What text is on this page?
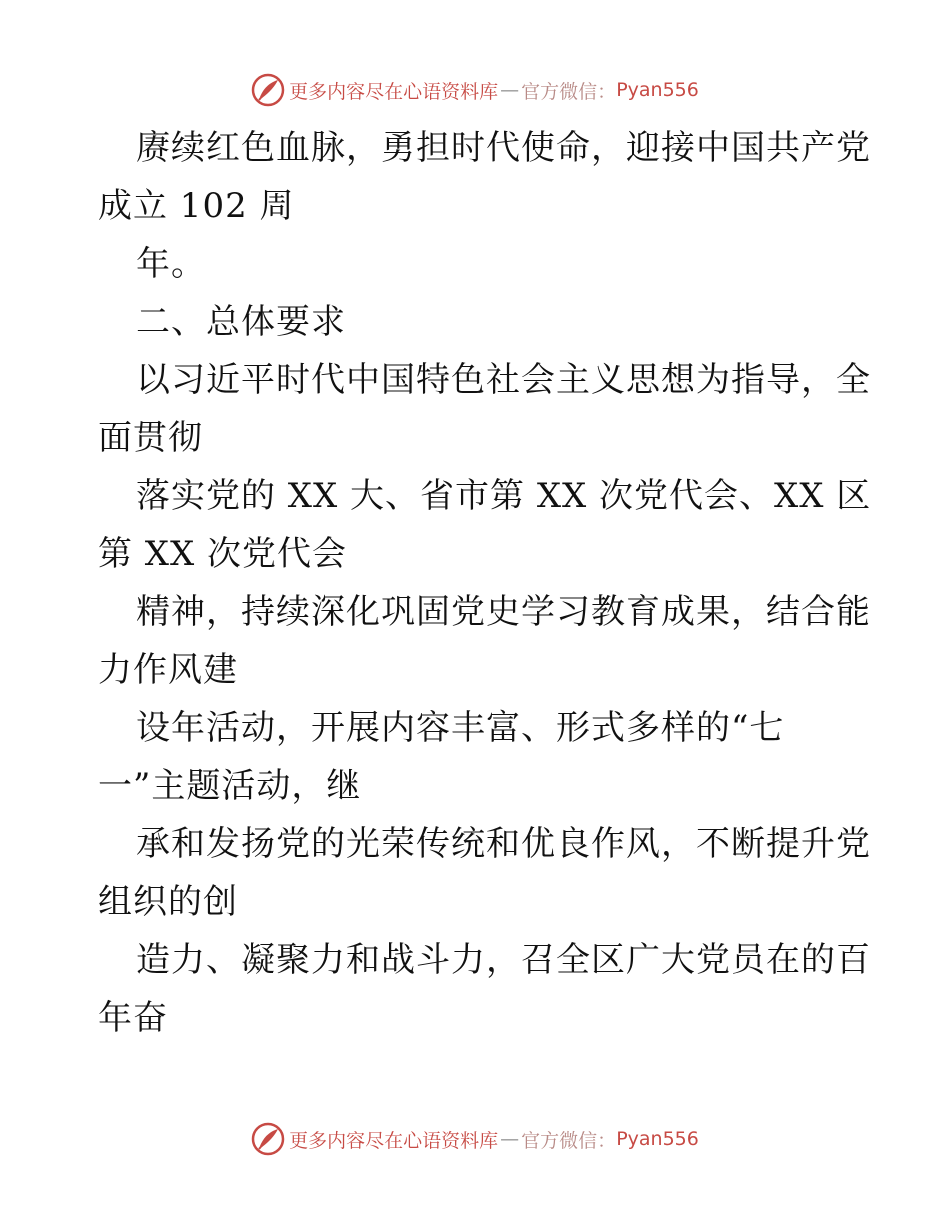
更多内容尽在心语资料库 — 官方微信： Pyan556
赓续红色血脉，勇担时代使命，迎接中国共产党
成立 102 周
年。
二、总体要求
以习近平时代中国特色社会主义思想为指导，全
面贯彻
落实党的 XX 大、省市第 XX 次党代会、XX 区
第 XX 次党代会
精神，持续深化巩固党史学习教育成果，结合能
力作风建
设年活动，开展内容丰富、形式多样的“七
一”主题活动，继
承和发扬党的光荣传统和优良作风，不断提升党
组织的创
造力、凝聚力和战斗力，召全区广大党员在的百
年奋
更多内容尽在心语资料库 — 官方微信： Pyan556
